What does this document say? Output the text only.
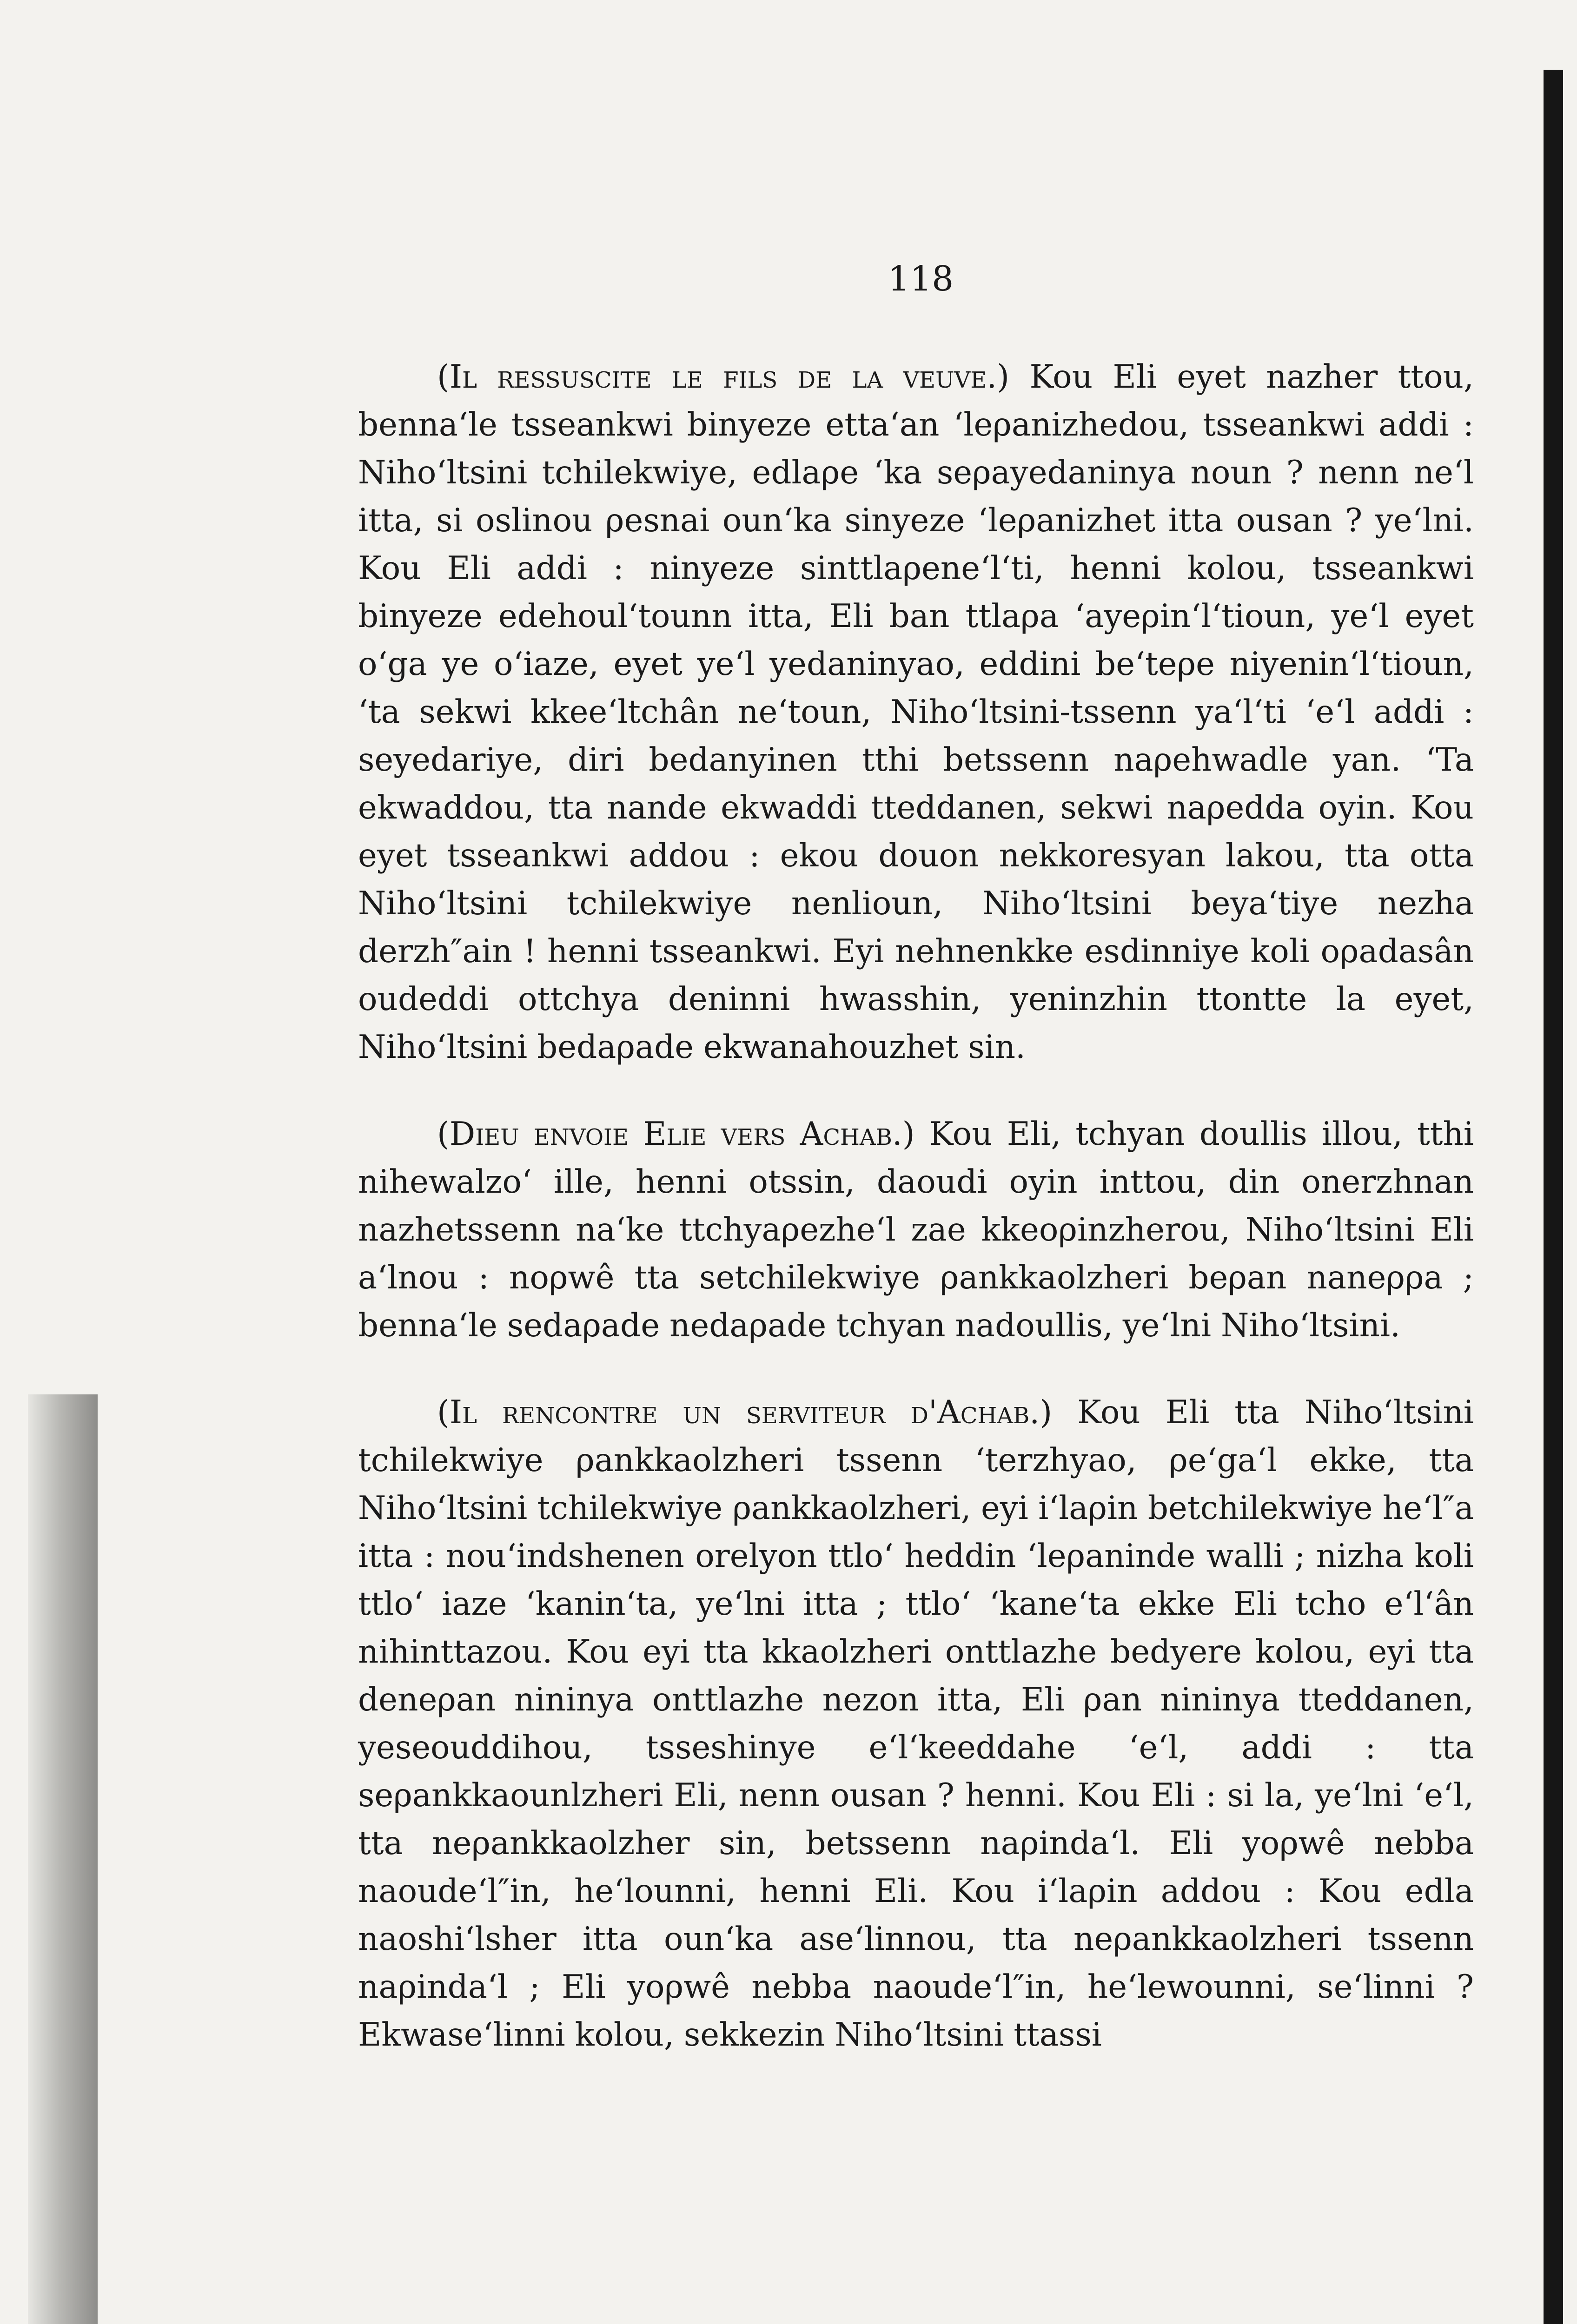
118

(Il ressuscite le fils de la veuve.) Kou Eli eyet nazher ttou, benna‘le tsseankwi binyeze etta‘an ‘leρanizhedou, tsseankwi addi : Niho‘ltsini tchilekwiye, edlaρe ‘ka seρayedaninya noun ? nenn ne‘l itta, si oslinou ρesnai oun‘ka sinyeze ‘leρanizhet itta ousan ? ye‘lni. Kou Eli addi : ninyeze sinttlaρene‘l‘ti, henni kolou, tsseankwi binyeze edehoul‘tounn itta, Eli ban ttlaρa ‘ayeρin‘l‘tioun, ye‘l eyet o‘ga ye o‘iaze, eyet ye‘l yedaninyao, eddini be‘teρe niyenin‘l‘tioun, ‘ta sekwi kkee‘ltchân ne‘toun, Niho‘ltsini-tssenn ya‘l‘ti ‘e‘l addi : seyedariye, diri bedanyinen tthi betssenn naρehwadle yan. ‘Ta ekwaddou, tta nande ekwaddi tteddanen, sekwi naρedda oyin. Kou eyet tsseankwi addou : ekou douon nekkoresyan lakou, tta otta Niho‘ltsini tchilekwiye nenlioun, Niho‘ltsini beya‘tiye nezha derzh″ain ! henni tsseankwi. Eyi nehnenkke esdinniye koli oρadasân oudeddi ottchya deninni hwasshin, yeninzhin ttontte la eyet, Niho‘ltsini bedaρade ekwanahouzhet sin.

(Dieu envoie Elie vers Achab.) Kou Eli, tchyan doullis illou, tthi nihewalzo‘ ille, henni otssin, daoudi oyin inttou, din onerzhnan nazhetssenn na‘ke ttchyaρezhe‘l zae kkeoρinzherou, Niho‘ltsini Eli a‘lnou : noρwê tta setchilekwiye ρankkaolzheri beρan naneρρa ; benna‘le sedaρade nedaρade tchyan nadoullis, ye‘lni Niho‘ltsini.

(Il rencontre un serviteur d'Achab.) Kou Eli tta Niho‘ltsini tchilekwiye ρankkaolzheri tssenn ‘terzhyao, ρe‘ga‘l ekke, tta Niho‘ltsini tchilekwiye ρankkaolzheri, eyi i‘laρin betchilekwiye he‘l″a itta : nou‘indshenen orelyon ttlo‘ heddin ‘leρaninde walli ; nizha koli ttlo‘ iaze ‘kanin‘ta, ye‘lni itta ; ttlo‘ ‘kane‘ta ekke Eli tcho e‘l‘ân nihinttazou. Kou eyi tta kkaolzheri onttlazhe bedyere kolou, eyi tta deneρan nininya onttlazhe nezon itta, Eli ρan nininya tteddanen, yeseouddihou, tsseshinye e‘l‘keeddahe ‘e‘l, addi : tta seρankkaounlzheri Eli, nenn ousan ? henni. Kou Eli : si la, ye‘lni ‘e‘l, tta neρankkaolzher sin, betssenn naρinda‘l. Eli yoρwê nebba naoude‘l″in, he‘lounni, henni Eli. Kou i‘laρin addou : Kou edla naoshi‘lsher itta oun‘ka ase‘linnou, tta neρankkaolzheri tssenn naρinda‘l ; Eli yoρwê nebba naoude‘l″in, he‘lewounni, se‘linni ? Ekwase‘linni kolou, sekkezin Niho‘ltsini ttassi
